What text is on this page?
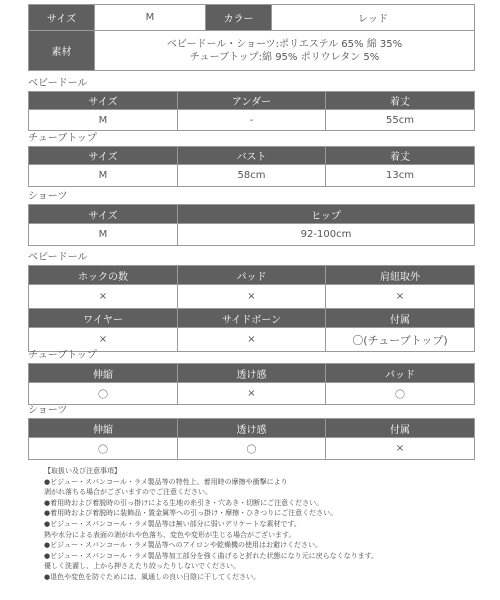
サイズ	M	カラー	レッド
素材	ベビードール・ショーツ:ポリエステル 65% 綿 35%
チューブトップ:綿 95% ポリウレタン 5%		
ベビードール
サイズ	アンダー	着丈
M	-	55cm
チューブトップ
サイズ	バスト	着丈
M	58cm	13cm
ショーツ
サイズ	ヒップ
M	92-100cm
ベビードール
ホックの数	パッド	肩紐取外
×	×	×
ワイヤー	サイドボーン	付属
×	×	〇(チューブトップ)
チューブトップ
伸縮	透け感	パッド
〇	×	〇
ショーツ
伸縮	透け感	付属
〇	〇	×
【取扱い及び注意事項】
●ビジュー・スパンコール・ラメ製品等の特性上、着用時の摩擦や衝撃により
剥がれ落ちる場合がございますのでご注意ください。
●着用時および着脱時の引っ掛けによる生地の糸引き・穴あき・切断にご注意ください。
●着用時および着脱時に装飾品・置金属等への引っ掛け・摩擦・ひきつりにご注意ください。
●ビジュー・スパンコール・ラメ製品等は無い部分に弱いデリケートな素材です。
熱や水分による表面の剥がれや色落ち、変色や変形が生じる場合がございます。
●ビジュー・スパンコール・ラメ製品等へのアイロンや乾燥機の使用はお避けください。
●ビジュー・スパンコール・ラメ製品等加工部分を強く曲げると折れた状態になり元に戻らなくなります。
優しく洗濯し、上から押さえたり絞ったりしないでください。
●退色や変色を防ぐためには、風通しの良い日陰に干してください。
